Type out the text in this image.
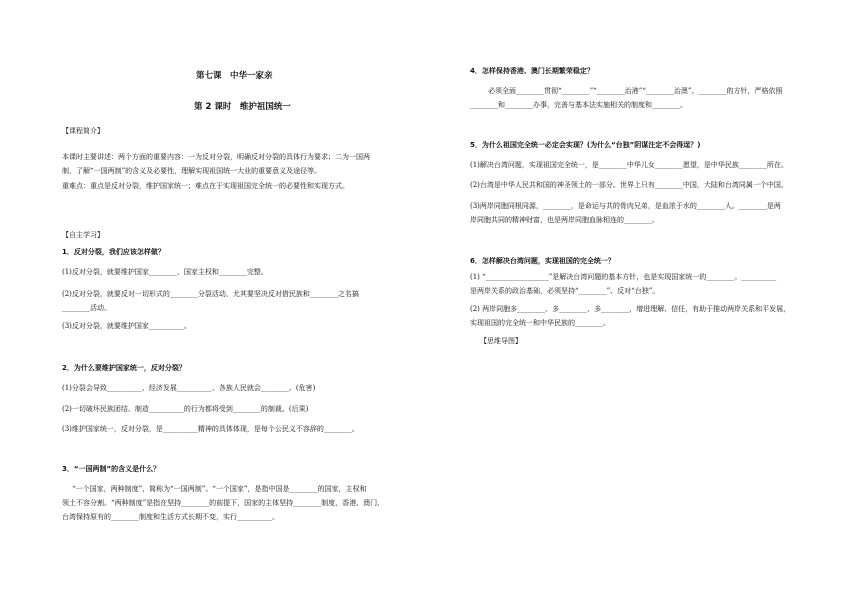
第七课　中华一家亲
第 2 课时　维护祖国统一
【课程简介】
本课时主要讲述：两个方面的重要内容：一为反对分裂，明确反对分裂的具体行为要求；二为一国两
制，了解“一国两制”的含义及必要性，理解实现祖国统一大业的重要意义及途径等。
重难点：重点是反对分裂，维护国家统一；难点在于实现祖国完全统一的必要性和实现方式。
【自主学习】
1．反对分裂，我们应该怎样做？
(1)反对分裂，就要维护国家________、国家主权和________完整。
(2)反对分裂，就要反对一切形式的________分裂活动，尤其要坚决反对借民族和________之名搞
________活动。
(3)反对分裂，就要维护国家__________。
2．为什么要维护国家统一，反对分裂？
(1)分裂会导致__________、经济发展__________、各族人民就会________。(危害)
(2)一切破坏民族团结、制造__________的行为都将受到________的制裁。(后果)
(3)维护国家统一，反对分裂，是__________精神的具体体现，是每个公民义不容辞的________。
3．“一国两制”的含义是什么？
“一个国家，两种制度”，简称为“一国两制”。“一个国家”，是指中国是________的国家，主权和
领土不容分割。“两种制度”是指在坚持________的前提下，国家的主体坚持________制度，香港、澳门、
台湾保持原有的________制度和生活方式长期不变，实行__________。
4．怎样保持香港、澳门长期繁荣稳定？
必须全面________贯彻“________”“________治港”“________治澳”、________的方针，严格依照
________和________办事，完善与基本法实施相关的制度和________。
5．为什么祖国完全统一必定会实现？(为什么“台独”阴谋注定不会得逞？)
(1)解决台湾问题，实现祖国完全统一，是________中华儿女________愿望，是中华民族________所在。
(2)台湾是中华人民共和国的神圣领土的一部分。世界上只有________中国，大陆和台湾同属一个中国。
(3)两岸同胞同根同源，________，是命运与共的骨肉兄弟，是血浓于水的________人。________是两
岸同胞共同的精神财富，也是两岸同胞血脉相连的________。
6．怎样解决台湾问题，实现祖国的完全统一？
(1) “__________________”是解决台湾问题的基本方针，也是实现国家统一的________。__________
是两岸关系的政治基础，必须坚持“________”、反对“台独”。
(2) 两岸同胞多________、多________、多________，增进理解、信任，有助于推动两岸关系和平发展，
实现祖国的完全统一和中华民族的________。
【思维导图】
